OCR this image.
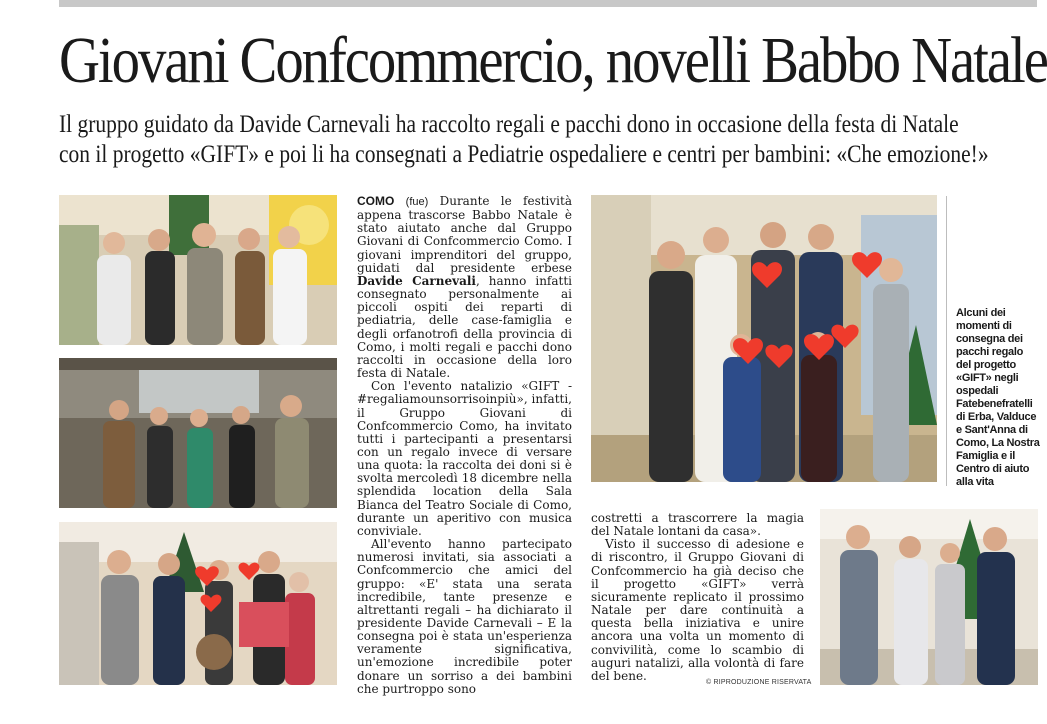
Giovani Confcommercio, novelli Babbo Natale
Il gruppo guidato da Davide Carnevali ha raccolto regali e pacchi dono in occasione della festa di Natale
con il progetto «GIFT» e poi li ha consegnati a Pediatrie ospedaliere e centri per bambini: «Che emozione!»

COMO (fue) Durante le festività appena trascorse Babbo Natale è stato aiutato anche dal Gruppo Giovani di Confcommercio Como. I giovani imprenditori del gruppo, guidati dal presidente erbese Davide Carnevali, hanno infatti consegnato personalmente ai piccoli ospiti dei reparti di pediatria, delle case-famiglia e degli orfanotrofi della provincia di Como, i molti regali e pacchi dono raccolti in occasione della loro festa di Natale.

Con l'evento natalizio «GIFT - #regaliamounsorrisoinpiù», infatti, il Gruppo Giovani di Confcommercio Como, ha invitato tutti i partecipanti a presentarsi con un regalo invece di versare una quota: la raccolta dei doni si è svolta mercoledì 18 dicembre nella splendida location della Sala Bianca del Teatro Sociale di Como, durante un aperitivo con musica conviviale.

All'evento hanno partecipato numerosi invitati, sia associati a Confcommercio che amici del gruppo: «E' stata una serata incredibile, tante presenze e altrettanti regali – ha dichiarato il presidente Davide Carnevali – E la consegna poi è stata un'esperienza veramente significativa, un'emozione incredibile poter donare un sorriso a dei bambini che purtroppo sono

costretti a trascorrere la magia del Natale lontani da casa».

Visto il successo di adesione e di riscontro, il Gruppo Giovani di Confcommercio ha già deciso che il progetto «GIFT» verrà sicuramente replicato il prossimo Natale per dare continuità a questa bella iniziativa e unire ancora una volta un momento di convivilità, come lo scambio di auguri natalizi, alla volontà di fare del bene.

Alcuni dei momenti di consegna dei pacchi regalo del progetto «GIFT» negli ospedali Fatebenefratelli di Erba, Valduce e Sant'Anna di Como, La Nostra Famiglia e il Centro di aiuto alla vita
© RIPRODUZIONE RISERVATA
